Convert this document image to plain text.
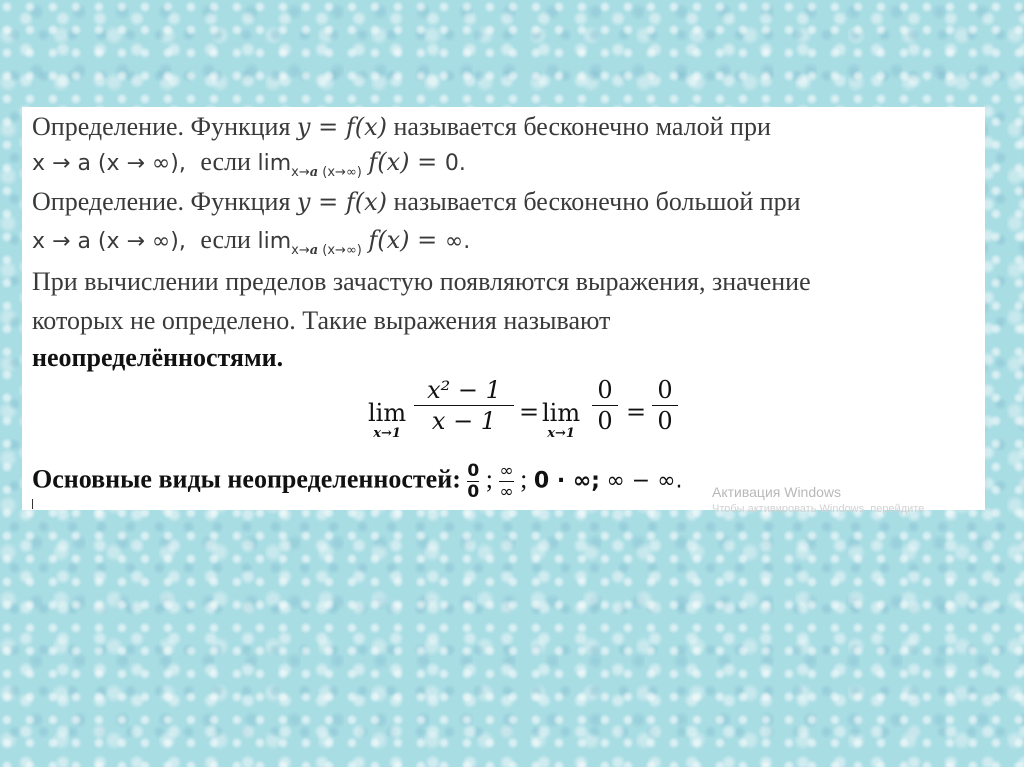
Определение. Функция y = f(x) называется бесконечно малой при
x → a (x → ∞), если $\lim_{x\to a (x\to\infty)} f(x) = 0$.
Определение. Функция y = f(x) называется бесконечно большой при
x → a (x → ∞), если $\lim_{x\to a (x\to\infty)} f(x)$ = ∞.
При вычислении пределов зачастую появляются выражения, значение
которых не определено. Такие выражения называют
неопределённостями.
lim
x→1
x² − 1
x − 1 = lim
x→1
0
0 =
0
0
Основные виды неопределенностей: $\frac{0}{0}$ ; $\frac{\infty}{\infty}$ ; 0 · ∞; ∞ − ∞. Активация Windows
Чтобы активировать Windows, перейдите
